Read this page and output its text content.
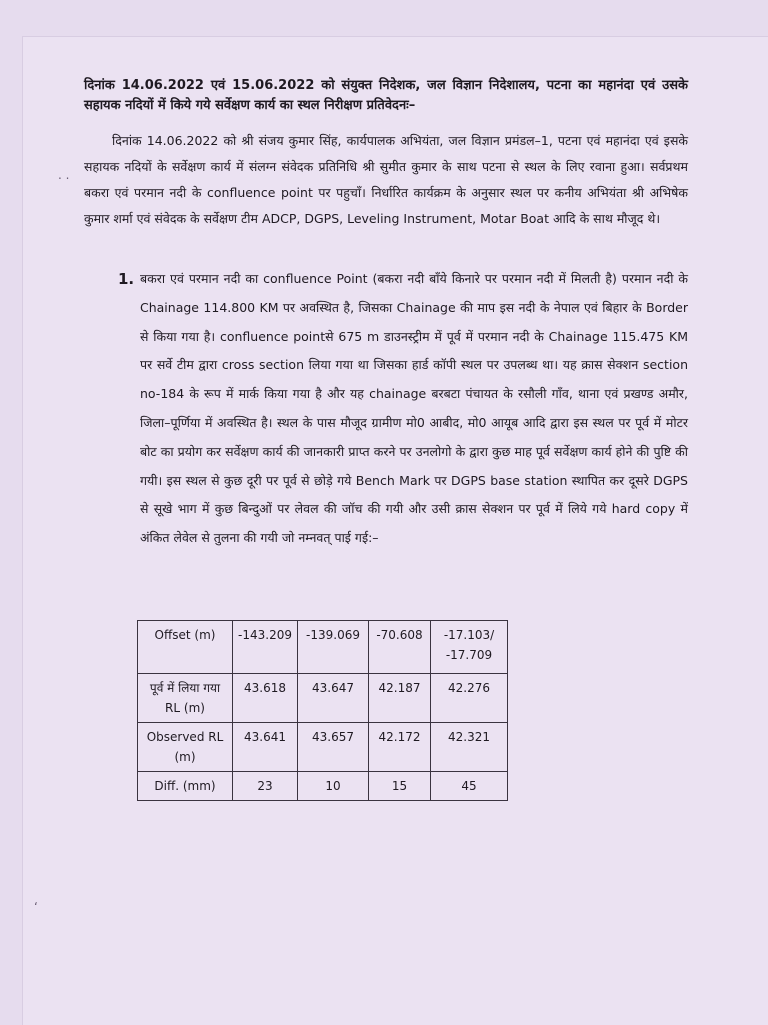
दिनांक 14.06.2022 एवं 15.06.2022 को संयुक्त निदेशक, जल विज्ञान निदेशालय, पटना का महानंदा एवं उसके सहायक नदियों में किये गये सर्वेक्षण कार्य का स्थल निरीक्षण प्रतिवेदनः–
दिनांक 14.06.2022 को श्री संजय कुमार सिंह, कार्यपालक अभियंता, जल विज्ञान प्रमंडल–1, पटना एवं महानंदा एवं इसके सहायक नदियों के सर्वेक्षण कार्य में संलग्न संवेदक प्रतिनिधि श्री सुमीत कुमार के साथ पटना से स्थल के लिए रवाना हुआ। सर्वप्रथम बकरा एवं परमान नदी के confluence point पर पहुचाँ। निर्धारित कार्यक्रम के अनुसार स्थल पर कनीय अभियंता श्री अभिषेक कुमार शर्मा एवं संवेदक के सर्वेक्षण टीम ADCP, DGPS, Leveling Instrument, Motar Boat आदि के साथ मौजूद थे।
1. बकरा एवं परमान नदी का confluence Point (बकरा नदी बाँये किनारे पर परमान नदी में मिलती है) परमान नदी के Chainage 114.800 KM पर अवस्थित है, जिसका Chainage की माप इस नदी के नेपाल एवं बिहार के Border से किया गया है। confluence pointसे 675 m डाउनस्ट्रीम में पूर्व में परमान नदी के Chainage 115.475 KM पर सर्वे टीम द्वारा cross section लिया गया था जिसका हार्ड कॉपी स्थल पर उपलब्ध था। यह क्रास सेक्शन section no-184 के रूप में मार्क किया गया है और यह chainage बरबटा पंचायत के रसौली गाँव, थाना एवं प्रखण्ड अमौर, जिला–पूर्णिया में अवस्थित है। स्थल के पास मौजूद ग्रामीण मो0 आबीद, मो0 आयूब आदि द्वारा इस स्थल पर पूर्व में मोटर बोट का प्रयोग कर सर्वेक्षण कार्य की जानकारी प्राप्त करने पर उनलोगो के द्वारा कुछ माह पूर्व सर्वेक्षण कार्य होने की पुष्टि की गयी। इस स्थल से कुछ दूरी पर पूर्व से छोड़े गये Bench Mark पर DGPS base station स्थापित कर दूसरे DGPS से सूखे भाग में कुछ बिन्दुओं पर लेवल की जॉच की गयी और उसी क्रास सेक्शन पर पूर्व में लिये गये hard copy में अंकित लेवेल से तुलना की गयी जो नम्नवत् पाई गई:–
Offset (m)	-143.209	-139.069	-70.608	-17.103/ -17.709
पूर्व में लिया गया RL (m)	43.618	43.647	42.187	42.276
Observed RL (m)	43.641	43.657	42.172	42.321
Diff. (mm)	23	10	15	45
. .
‘
